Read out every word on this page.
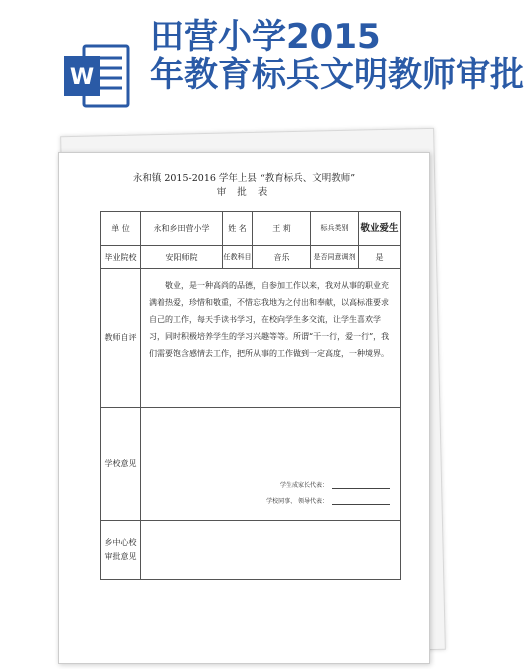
W
田营小学2015
年教育标兵文明教师审批
永和镇 2015-2016 学年上县 “教育标兵、文明教师”
审 批 表
单 位	永和乡田营小学	姓 名	王 莉	标兵类别	敬业爱生
毕业院校	安阳师院	任教科目	音乐	是否同意调剂	是
教师自评	敬业，是一种高尚的品德，自参加工作以来，我对从事的职业充满着热爱，珍惜和敬重，不惜忘我地为之付出和奉献，以高标准要求自己的工作，每天手读书学习，在校向学生多交流，让学生喜欢学习，同时积极培养学生的学习兴趣等等。所谓“干一行，爱一行”，我们需要饱含感情去工作，把所从事的工作做到一定高度，一种境界。				

学校意见	学生成家长代表：
学校同事、 领导代表：				

乡中心校审批意见					
